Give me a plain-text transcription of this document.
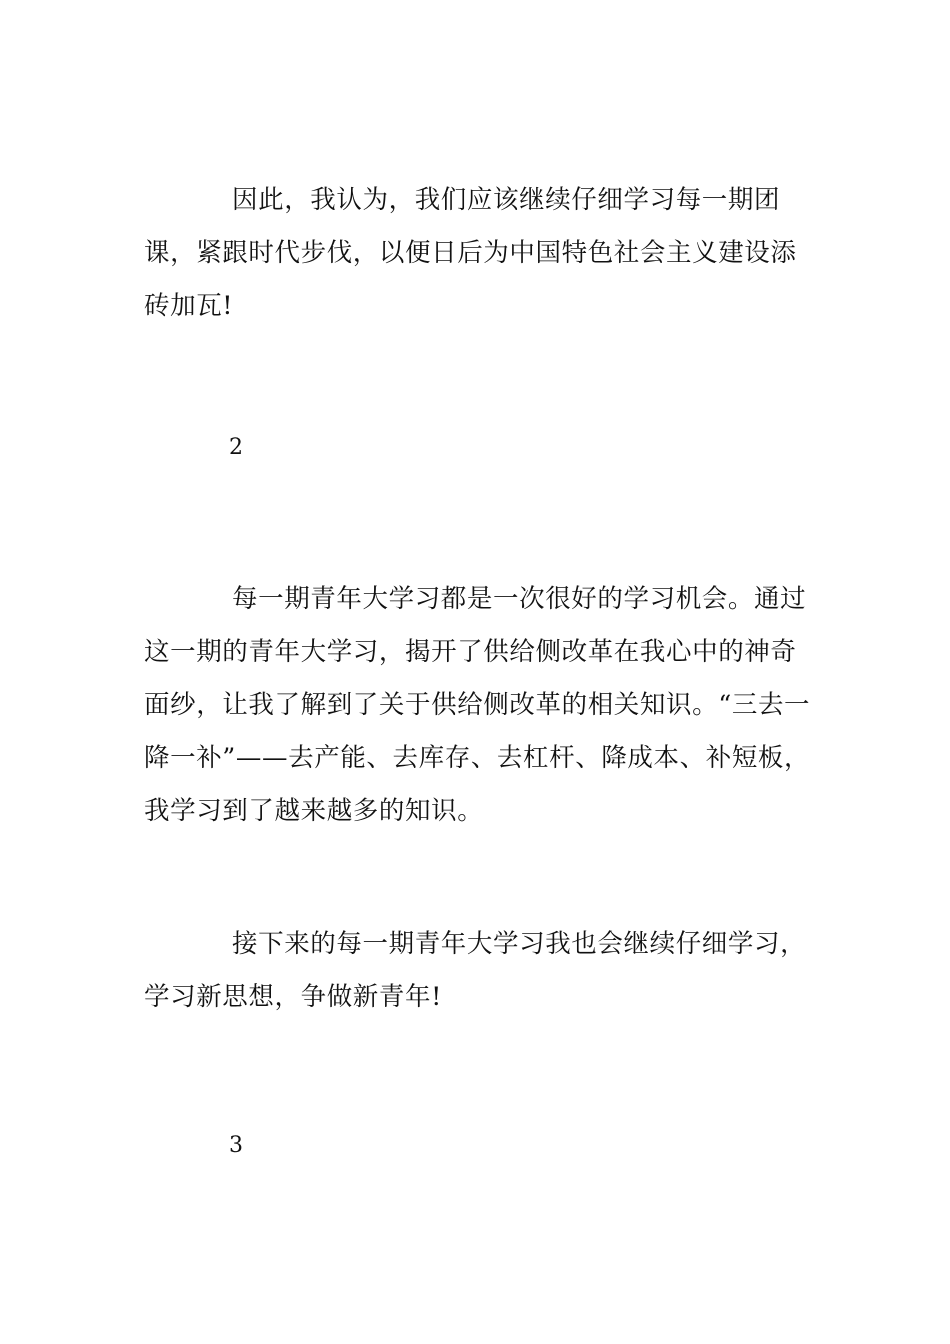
因此，我认为，我们应该继续仔细学习每一期团课，紧跟时代步伐，以便日后为中国特色社会主义建设添砖加瓦!

2

每一期青年大学习都是一次很好的学习机会。通过这一期的青年大学习，揭开了供给侧改革在我心中的神奇面纱，让我了解到了关于供给侧改革的相关知识。“三去一降一补”——去产能、去库存、去杠杆、降成本、补短板，我学习到了越来越多的知识。

接下来的每一期青年大学习我也会继续仔细学习，学习新思想，争做新青年!

3
